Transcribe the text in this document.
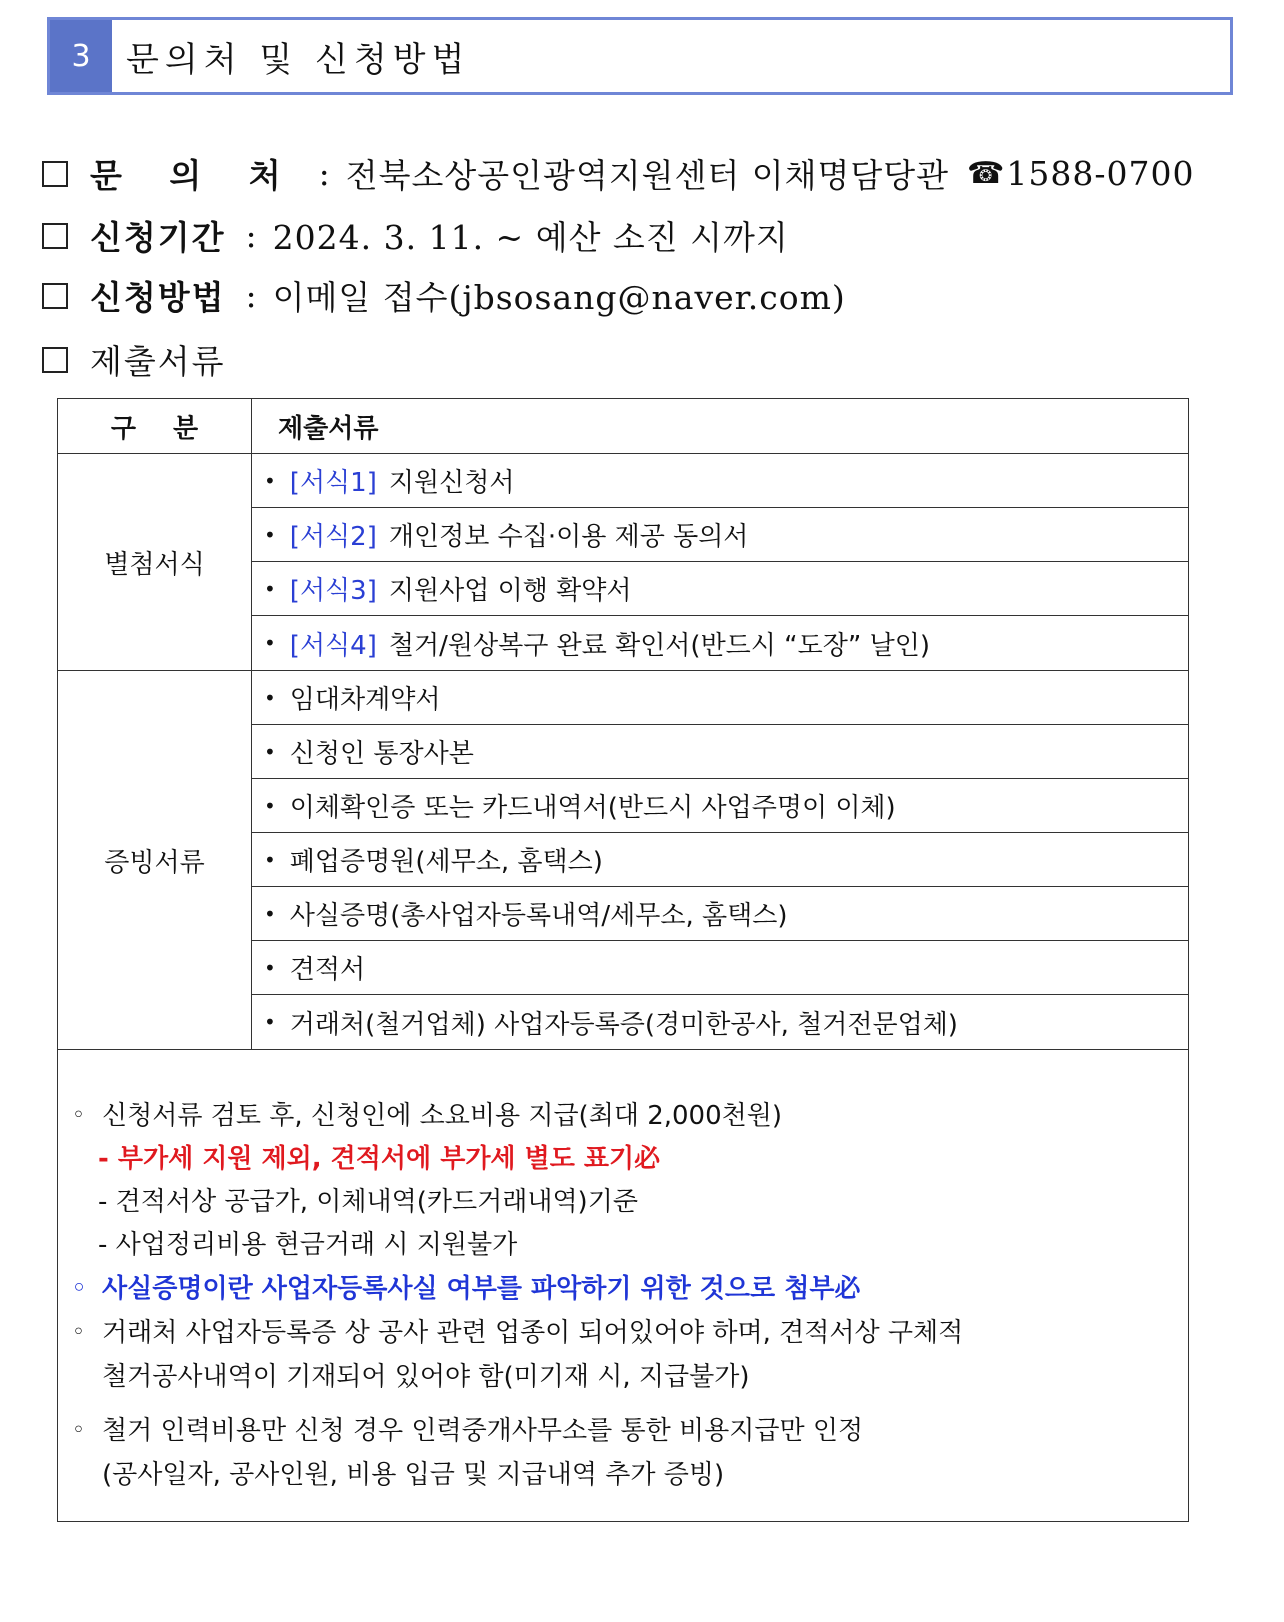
3	문의처 및 신청방법
문 의 처 : 전북소상공인광역지원센터 이채명담당관 ☎ 1588-0700
신청기간 : 2024. 3. 11. ~ 예산 소진 시까지
신청방법 : 이메일 접수(jbsosang@naver.com)
제출서류
구 분	제출서류
별첨서식
• [서식1] 지원신청서
• [서식2] 개인정보 수집·이용 제공 동의서
• [서식3] 지원사업 이행 확약서
• [서식4] 철거/원상복구 완료 확인서(반드시 “도장” 날인)
증빙서류
• 임대차계약서
• 신청인 통장사본
• 이체확인증 또는 카드내역서(반드시 사업주명이 이체)
• 폐업증명원(세무소, 홈택스)
• 사실증명(총사업자등록내역/세무소, 홈택스)
• 견적서
• 거래처(철거업체) 사업자등록증(경미한공사, 철거전문업체)
◦ 신청서류 검토 후, 신청인에 소요비용 지급(최대 2,000천원)
- 부가세 지원 제외, 견적서에 부가세 별도 표기必
- 견적서상 공급가, 이체내역(카드거래내역)기준
- 사업정리비용 현금거래 시 지원불가
◦ 사실증명이란 사업자등록사실 여부를 파악하기 위한 것으로 첨부必
◦ 거래처 사업자등록증 상 공사 관련 업종이 되어있어야 하며, 견적서상 구체적
철거공사내역이 기재되어 있어야 함(미기재 시, 지급불가)
◦ 철거 인력비용만 신청 경우 인력중개사무소를 통한 비용지급만 인정
(공사일자, 공사인원, 비용 입금 및 지급내역 추가 증빙)
